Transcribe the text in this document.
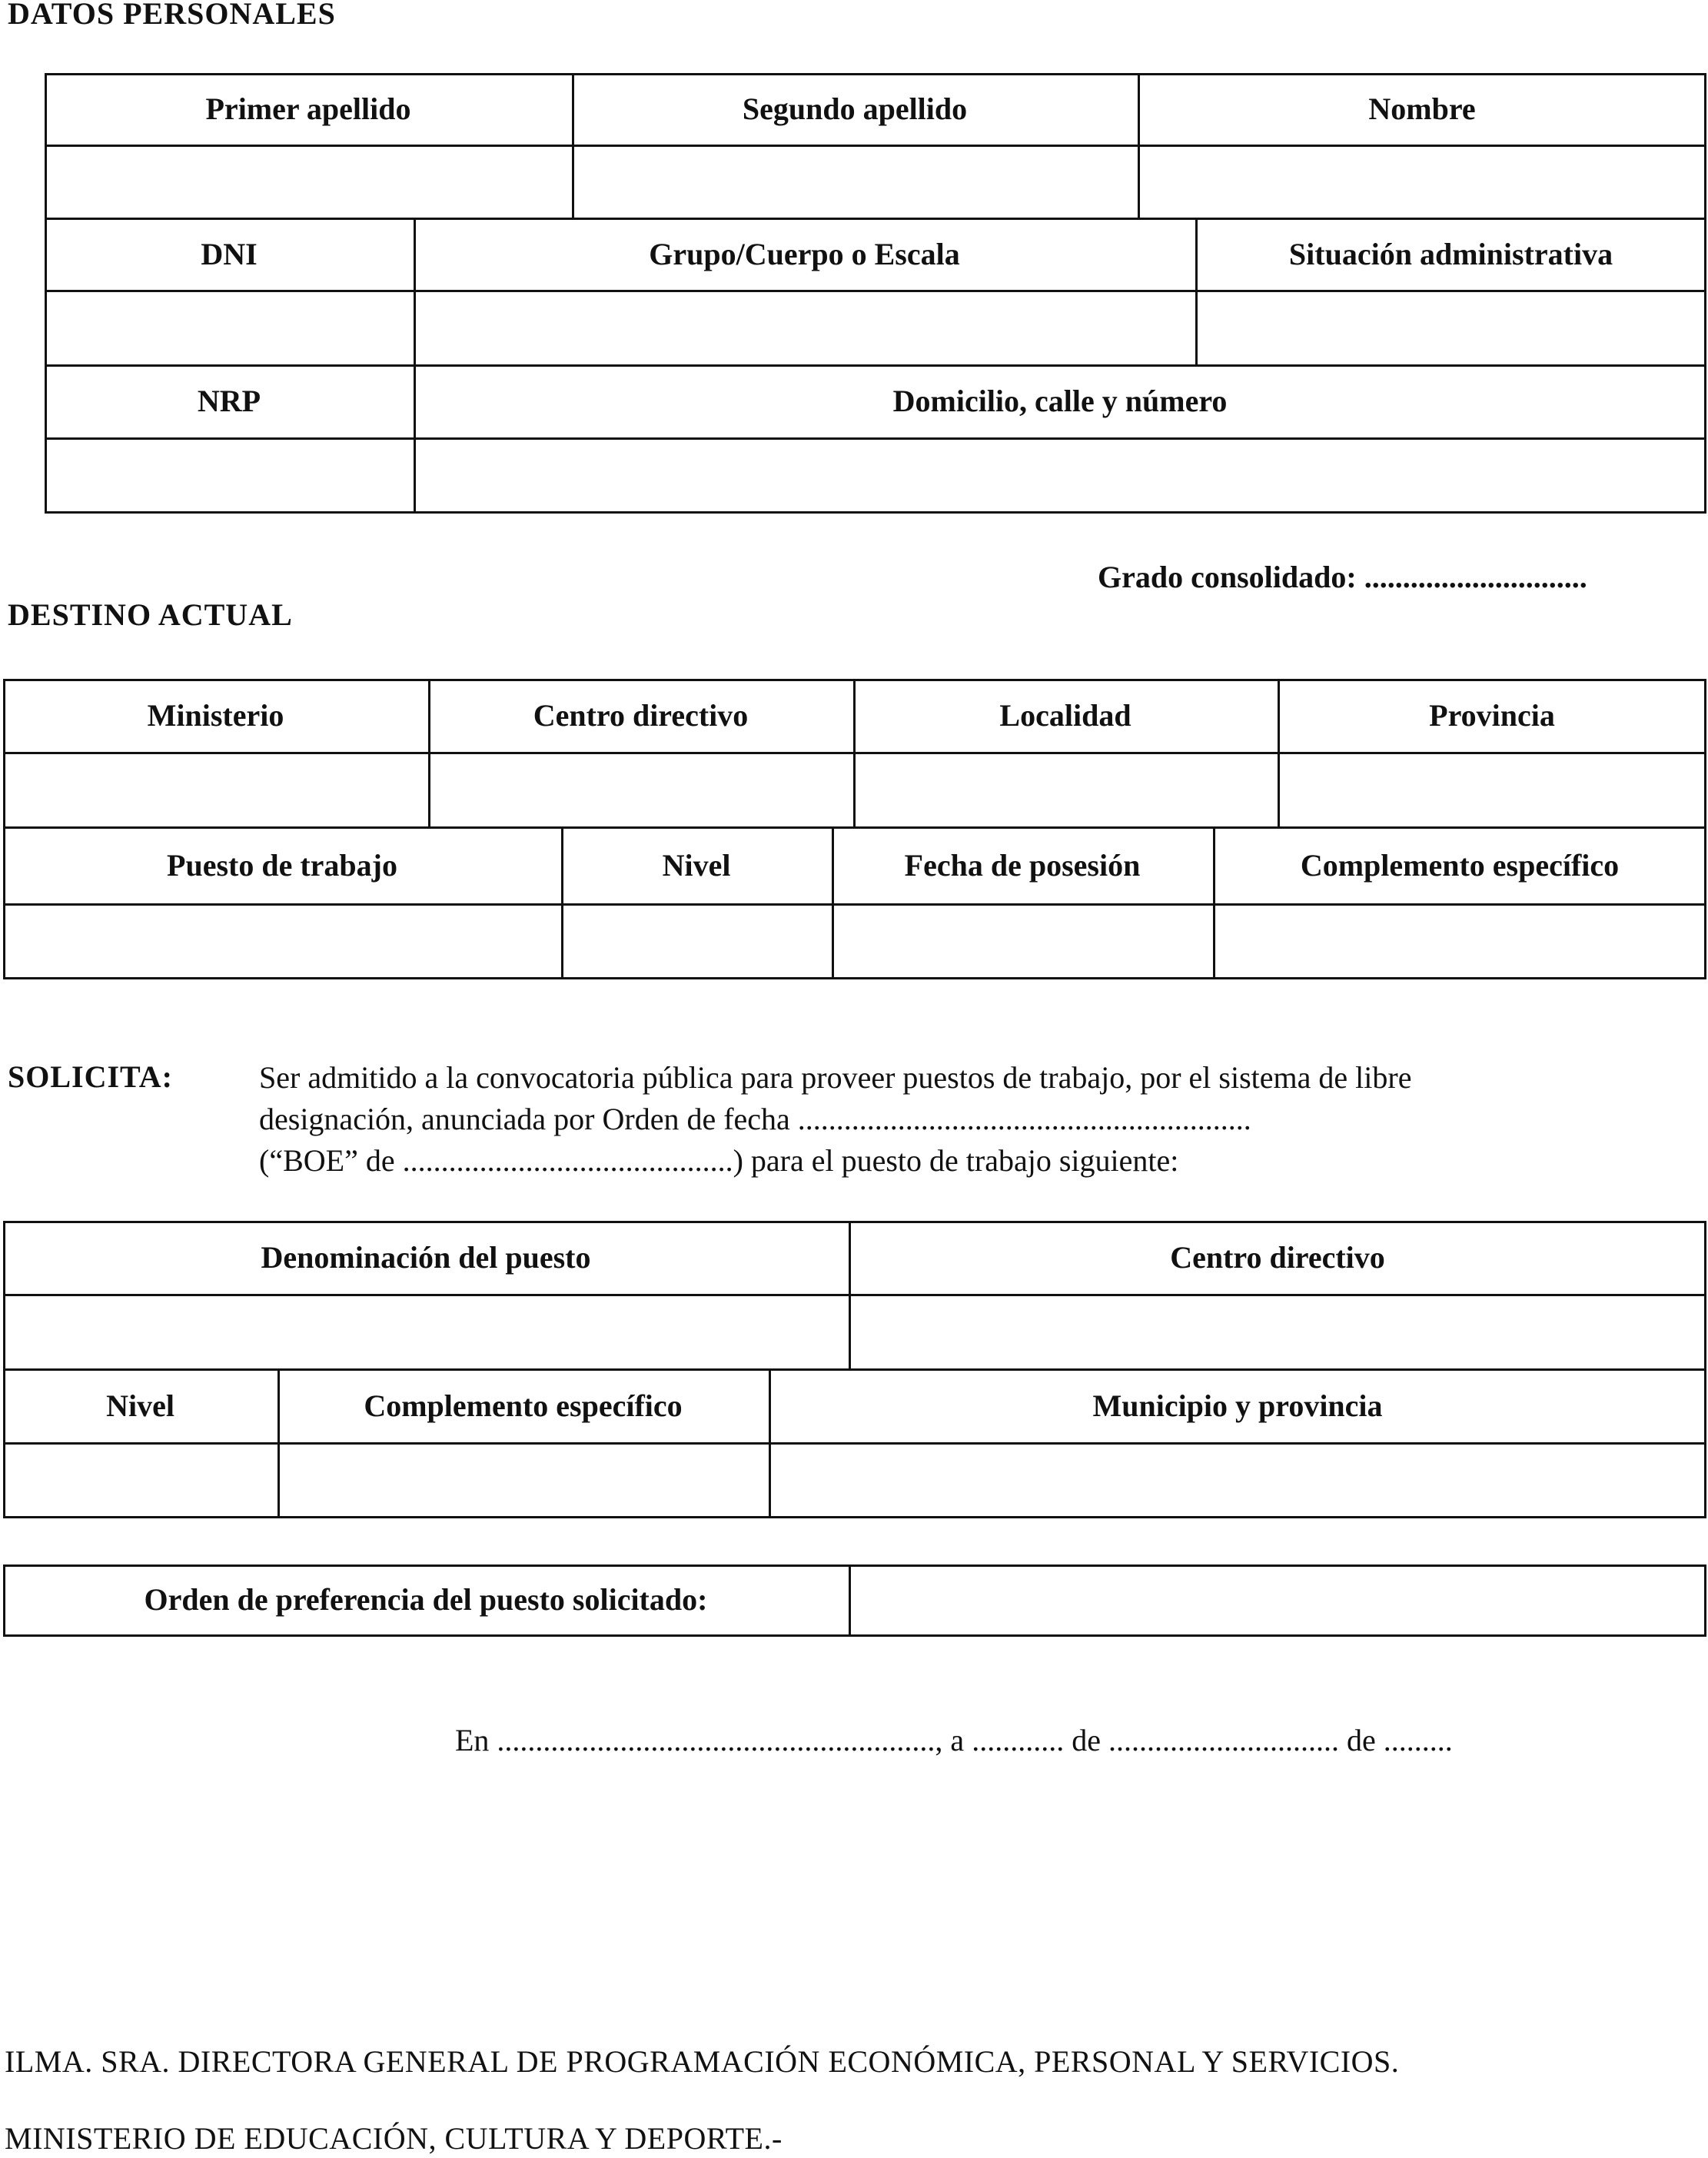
DATOS PERSONALES
Primer apellido	Segundo apellido	Nombre
DNI	Grupo/Cuerpo o Escala	Situación administrativa
NRP	Domicilio, calle y número
Grado consolidado: .............................
DESTINO ACTUAL
Ministerio	Centro directivo	Localidad	Provincia
Puesto de trabajo	Nivel	Fecha de posesión	Complemento específico
SOLICITA:	Ser admitido a la convocatoria pública para proveer puestos de trabajo, por el sistema de libre
designación, anunciada por Orden de fecha ...........................................................
(“BOE” de ...........................................) para el puesto de trabajo siguiente:
Denominación del puesto	Centro directivo
Nivel	Complemento específico	Municipio y provincia
Orden de preferencia del puesto solicitado:
En ........................................................., a ............ de .............................. de .........
ILMA. SRA. DIRECTORA GENERAL DE PROGRAMACIÓN ECONÓMICA, PERSONAL Y SERVICIOS.
MINISTERIO DE EDUCACIÓN, CULTURA Y DEPORTE.-
